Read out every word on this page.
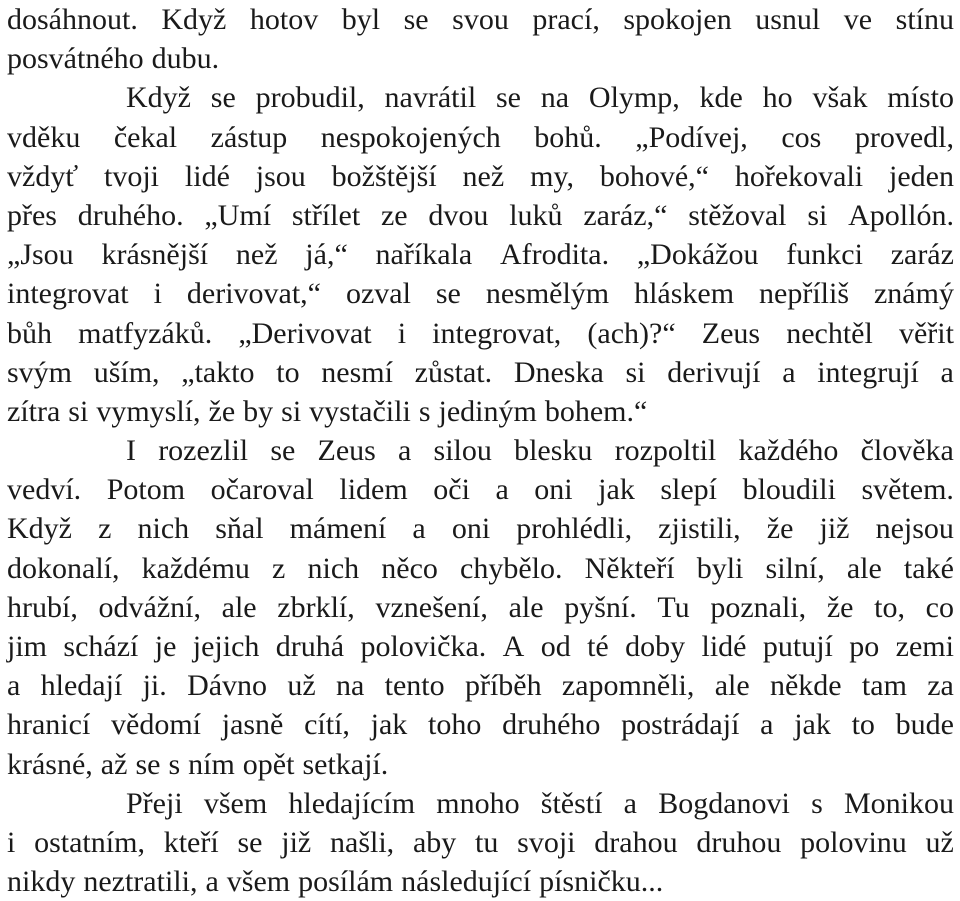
dosáhnout. Když hotov byl se svou prací, spokojen usnul ve stínu
posvátného dubu.
Když se probudil, navrátil se na Olymp, kde ho však místo
vděku čekal zástup nespokojených bohů. „Podívej, cos provedl,
vždyť tvoji lidé jsou božštější než my, bohové,“ hořekovali jeden
přes druhého. „Umí střílet ze dvou luků zaráz,“ stěžoval si Apollón.
„Jsou krásnější než já,“ naříkala Afrodita. „Dokážou funkci zaráz
integrovat i derivovat,“ ozval se nesmělým hláskem nepříliš známý
bůh matfyzáků. „Derivovat i integrovat, (ach)?“ Zeus nechtěl věřit
svým uším, „takto to nesmí zůstat. Dneska si derivují a integrují a
zítra si vymyslí, že by si vystačili s jediným bohem.“
I rozezlil se Zeus a silou blesku rozpoltil každého člověka
vedví. Potom očaroval lidem oči a oni jak slepí bloudili světem.
Když z nich sňal mámení a oni prohlédli, zjistili, že již nejsou
dokonalí, každému z nich něco chybělo. Někteří byli silní, ale také
hrubí, odvážní, ale zbrklí, vznešení, ale pyšní. Tu poznali, že to, co
jim schází je jejich druhá polovička. A od té doby lidé putují po zemi
a hledají ji. Dávno už na tento příběh zapomněli, ale někde tam za
hranicí vědomí jasně cítí, jak toho druhého postrádají a jak to bude
krásné, až se s ním opět setkají.
Přeji všem hledajícím mnoho štěstí a Bogdanovi s Monikou
i ostatním, kteří se již našli, aby tu svoji drahou druhou polovinu už
nikdy neztratili, a všem posílám následující písničku...
